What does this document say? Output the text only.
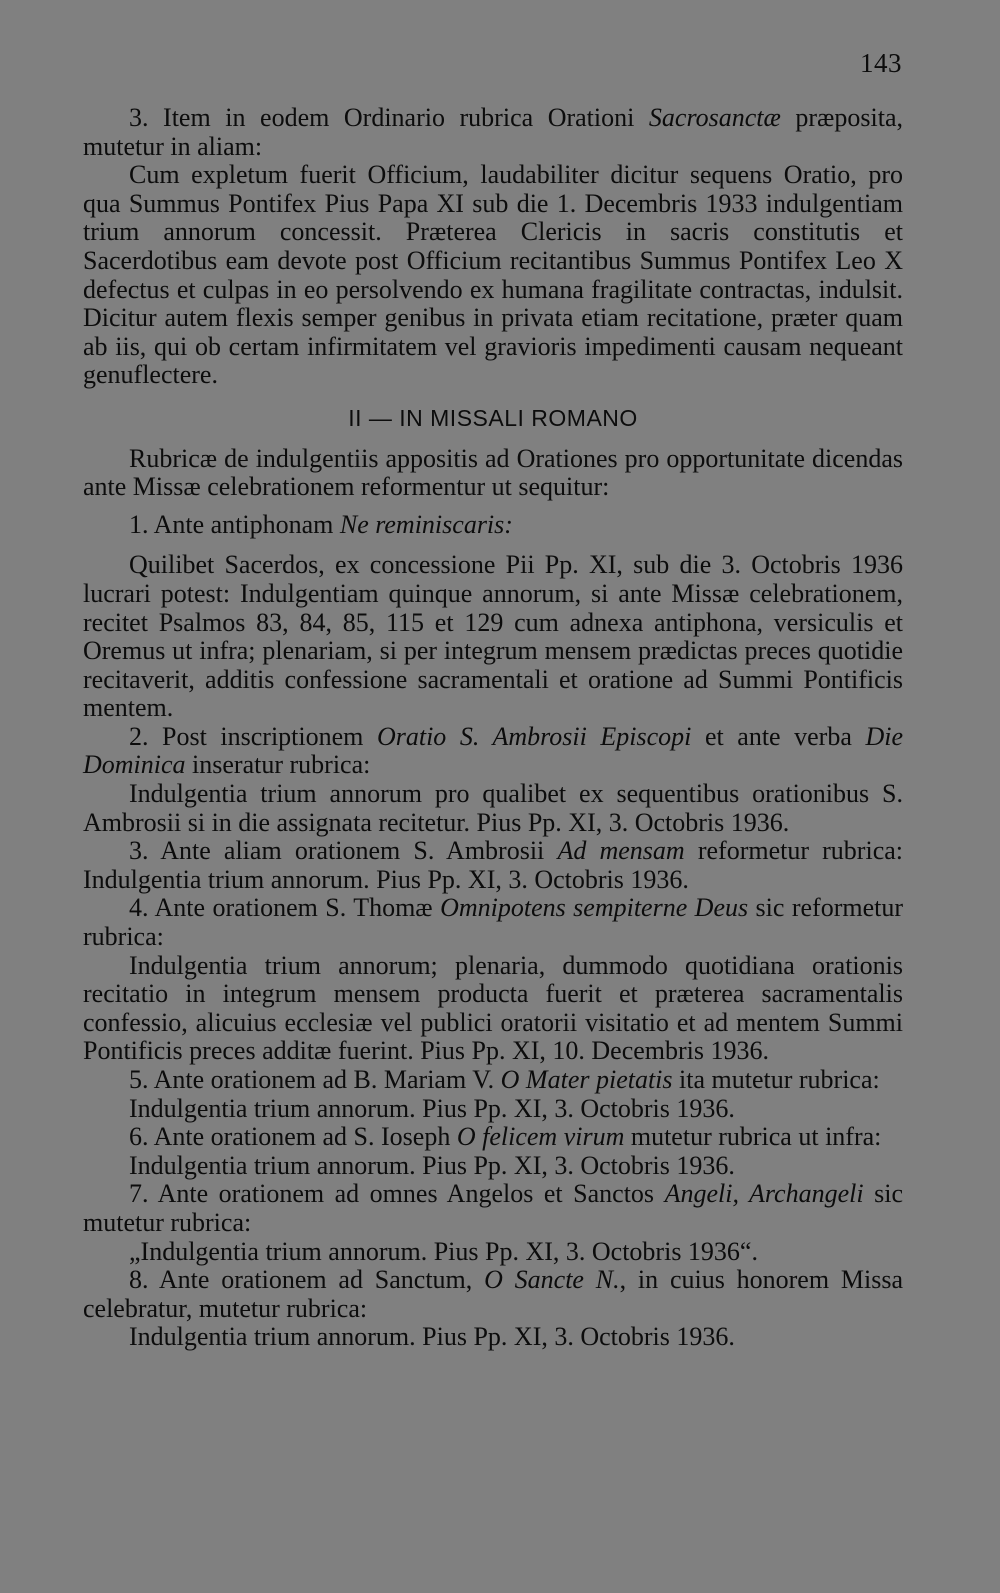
143

3. Item in eodem Ordinario rubrica Orationi Sacrosanctæ præposita, mutetur in aliam:

Cum expletum fuerit Officium, laudabiliter dicitur sequens Oratio, pro qua Summus Pontifex Pius Papa XI sub die 1. Decembris 1933 indulgentiam trium annorum concessit. Præterea Clericis in sacris constitutis et Sacerdotibus eam devote post Officium recitantibus Summus Pontifex Leo X defectus et culpas in eo persolvendo ex humana fragilitate contractas, indulsit. Dicitur autem flexis semper genibus in privata etiam recitatione, præter quam ab iis, qui ob certam infirmitatem vel gravioris impedimenti causam nequeant genuflectere.

II — IN MISSALI ROMANO

Rubricæ de indulgentiis appositis ad Orationes pro opportunitate dicendas ante Missæ celebrationem reformentur ut sequitur:

1. Ante antiphonam Ne reminiscaris:

Quilibet Sacerdos, ex concessione Pii Pp. XI, sub die 3. Octobris 1936 lucrari potest: Indulgentiam quinque annorum, si ante Missæ celebrationem, recitet Psalmos 83, 84, 85, 115 et 129 cum adnexa antiphona, versiculis et Oremus ut infra; plenariam, si per integrum mensem prædictas preces quotidie recitaverit, additis confessione sacramentali et oratione ad Summi Pontificis mentem.

2. Post inscriptionem Oratio S. Ambrosii Episcopi et ante verba Die Dominica inseratur rubrica:

Indulgentia trium annorum pro qualibet ex sequentibus orationibus S. Ambrosii si in die assignata recitetur. Pius Pp. XI, 3. Octobris 1936.

3. Ante aliam orationem S. Ambrosii Ad mensam reformetur rubrica: Indulgentia trium annorum. Pius Pp. XI, 3. Octobris 1936.

4. Ante orationem S. Thomæ Omnipotens sempiterne Deus sic reformetur rubrica:

Indulgentia trium annorum; plenaria, dummodo quotidiana orationis recitatio in integrum mensem producta fuerit et præterea sacramentalis confessio, alicuius ecclesiæ vel publici oratorii visitatio et ad mentem Summi Pontificis preces additæ fuerint. Pius Pp. XI, 10. Decembris 1936.

5. Ante orationem ad B. Mariam V. O Mater pietatis ita mutetur rubrica:

Indulgentia trium annorum. Pius Pp. XI, 3. Octobris 1936.

6. Ante orationem ad S. Ioseph O felicem virum mutetur rubrica ut infra:

Indulgentia trium annorum. Pius Pp. XI, 3. Octobris 1936.

7. Ante orationem ad omnes Angelos et Sanctos Angeli, Archangeli sic mutetur rubrica:

„Indulgentia trium annorum. Pius Pp. XI, 3. Octobris 1936“.

8. Ante orationem ad Sanctum, O Sancte N., in cuius honorem Missa celebratur, mutetur rubrica:

Indulgentia trium annorum. Pius Pp. XI, 3. Octobris 1936.
